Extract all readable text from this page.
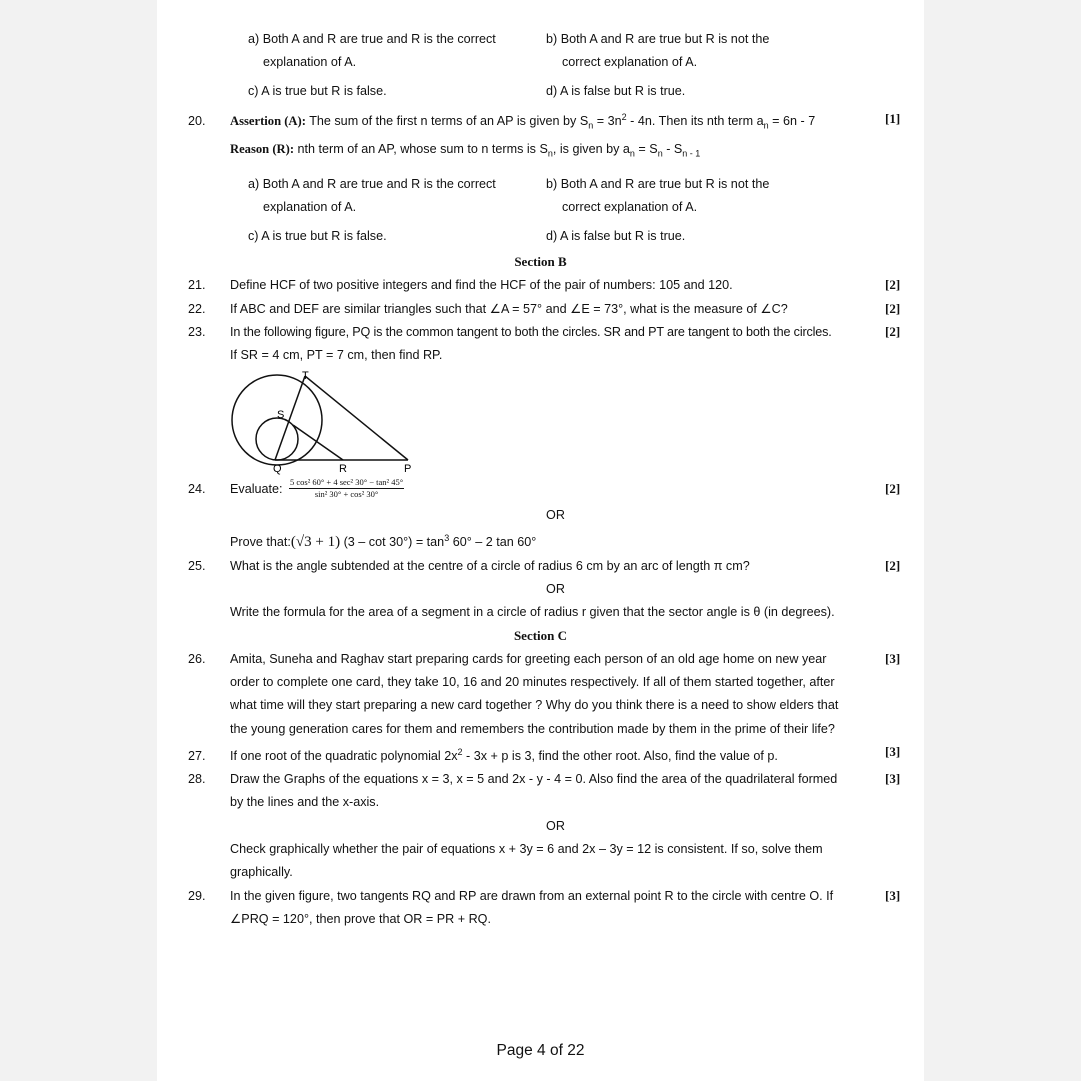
a) Both A and R are true and R is the correct
explanation of A.
b) Both A and R are true but R is not the
correct explanation of A.
c) A is true but R is false.	d) A is false but R is true.
20. Assertion (A): The sum of the first n terms of an AP is given by $S_n = 3n^2 - 4n$. Then its nth term $a_n = 6n - 7$	[1]
Reason (R): nth term of an AP, whose sum to n terms is $S_n$, is given by $a_n = S_n - S_{n - 1}$
a) Both A and R are true and R is the correct
explanation of A.
b) Both A and R are true but R is not the
correct explanation of A.
c) A is true but R is false.	d) A is false but R is true.
Section B
21. Define HCF of two positive integers and find the HCF of the pair of numbers: 105 and 120.	[2]
22. If ABC and DEF are similar triangles such that ∠A = 57° and ∠E = 73°, what is the measure of ∠C?	[2]
23. In the following figure, PQ is the common tangent to both the circles. SR and PT are tangent to both the circles.	[2]
If SR = 4 cm, PT = 7 cm, then find RP.
T
S
Q	R	P
24. Evaluate: 5 cos² 60° + 4 sec² 30° − tan² 45°
sin² 30° + cos² 30°	[2]
OR
Prove that:(√3 + 1) $(3 - \cot 30^\circ) = \tan^3 60^\circ - 2$ tan 60°
25. What is the angle subtended at the centre of a circle of radius 6 cm by an arc of length π cm?	[2]
OR
Write the formula for the area of a segment in a circle of radius r given that the sector angle is θ (in degrees).
Section C
26. Amita, Suneha and Raghav start preparing cards for greeting each person of an old age home on new year	[3]
order to complete one card, they take 10, 16 and 20 minutes respectively. If all of them started together, after
what time will they start preparing a new card together ? Why do you think there is a need to show elders that
the young generation cares for them and remembers the contribution made by them in the prime of their life?
27. If one root of the quadratic polynomial $2x^2 - 3x + p$ is 3, find the other root. Also, find the value of p.	[3]
28. Draw the Graphs of the equations x = 3, x = 5 and 2x - y - 4 = 0. Also find the area of the quadrilateral formed	[3]
by the lines and the x-axis.
OR
Check graphically whether the pair of equations x + 3y = 6 and 2x – 3y = 12 is consistent. If so, solve them
graphically.
29. In the given figure, two tangents RQ and RP are drawn from an external point R to the circle with centre O. If	[3]
∠PRQ = 120°, then prove that OR = PR + RQ.
Page 4 of 22
